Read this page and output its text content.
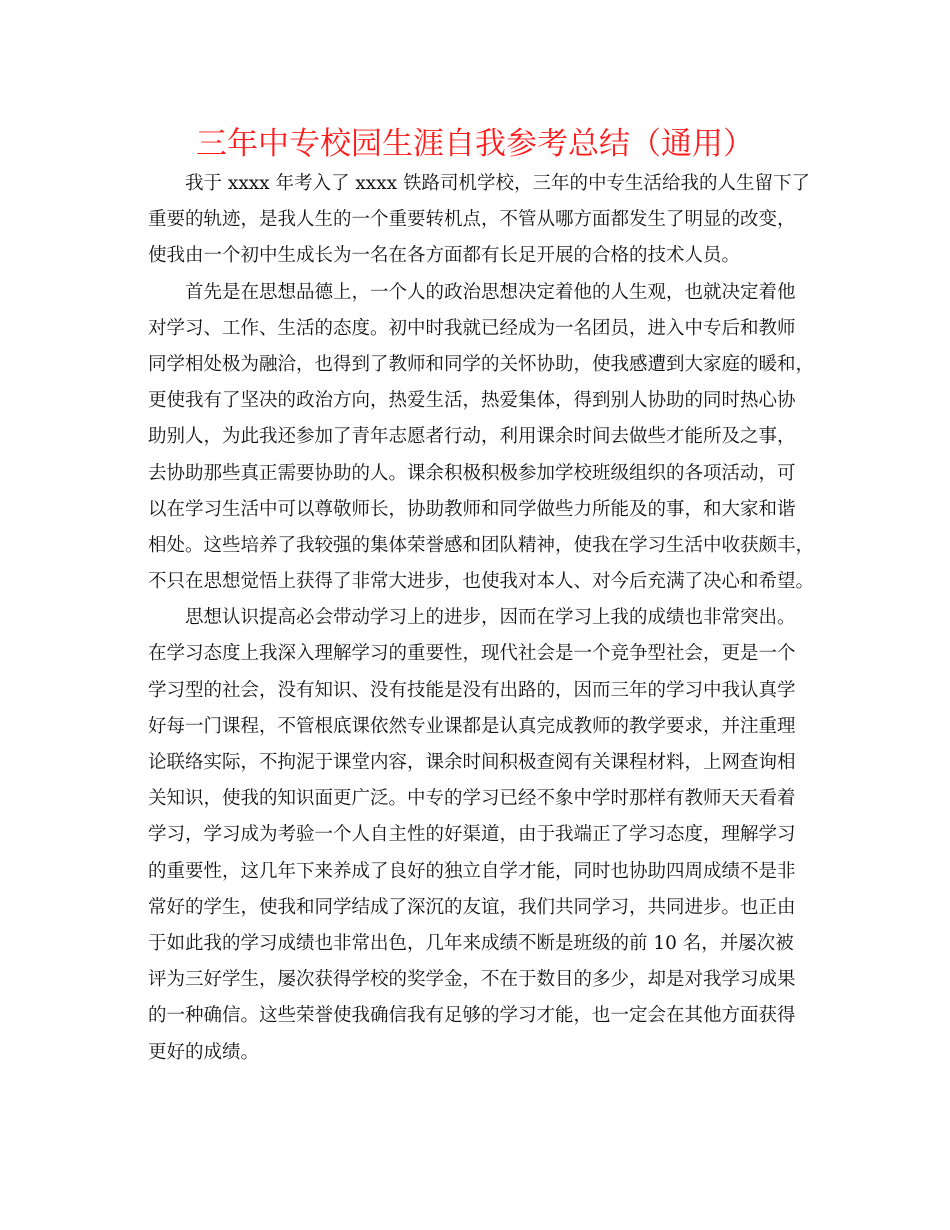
三年中专校园生涯自我参考总结（通用）
我于 xxxx 年考入了 xxxx 铁路司机学校，三年的中专生活给我的人生留下了
重要的轨迹，是我人生的一个重要转机点，不管从哪方面都发生了明显的改变，
使我由一个初中生成长为一名在各方面都有长足开展的合格的技术人员。
首先是在思想品德上，一个人的政治思想决定着他的人生观，也就决定着他
对学习、工作、生活的态度。初中时我就已经成为一名团员，进入中专后和教师
同学相处极为融洽，也得到了教师和同学的关怀协助，使我感遭到大家庭的暖和，
更使我有了坚决的政治方向，热爱生活，热爱集体，得到别人协助的同时热心协
助别人，为此我还参加了青年志愿者行动，利用课余时间去做些才能所及之事，
去协助那些真正需要协助的人。课余积极积极参加学校班级组织的各项活动，可
以在学习生活中可以尊敬师长，协助教师和同学做些力所能及的事，和大家和谐
相处。这些培养了我较强的集体荣誉感和团队精神，使我在学习生活中收获颇丰，
不只在思想觉悟上获得了非常大进步，也使我对本人、对今后充满了决心和希望。
思想认识提高必会带动学习上的进步，因而在学习上我的成绩也非常突出。
在学习态度上我深入理解学习的重要性，现代社会是一个竞争型社会，更是一个
学习型的社会，没有知识、没有技能是没有出路的，因而三年的学习中我认真学
好每一门课程，不管根底课依然专业课都是认真完成教师的教学要求，并注重理
论联络实际，不拘泥于课堂内容，课余时间积极查阅有关课程材料，上网查询相
关知识，使我的知识面更广泛。中专的学习已经不象中学时那样有教师天天看着
学习，学习成为考验一个人自主性的好渠道，由于我端正了学习态度，理解学习
的重要性，这几年下来养成了良好的独立自学才能，同时也协助四周成绩不是非
常好的学生，使我和同学结成了深沉的友谊，我们共同学习，共同进步。也正由
于如此我的学习成绩也非常出色，几年来成绩不断是班级的前 10 名，并屡次被
评为三好学生，屡次获得学校的奖学金，不在于数目的多少，却是对我学习成果
的一种确信。这些荣誉使我确信我有足够的学习才能，也一定会在其他方面获得
更好的成绩。
